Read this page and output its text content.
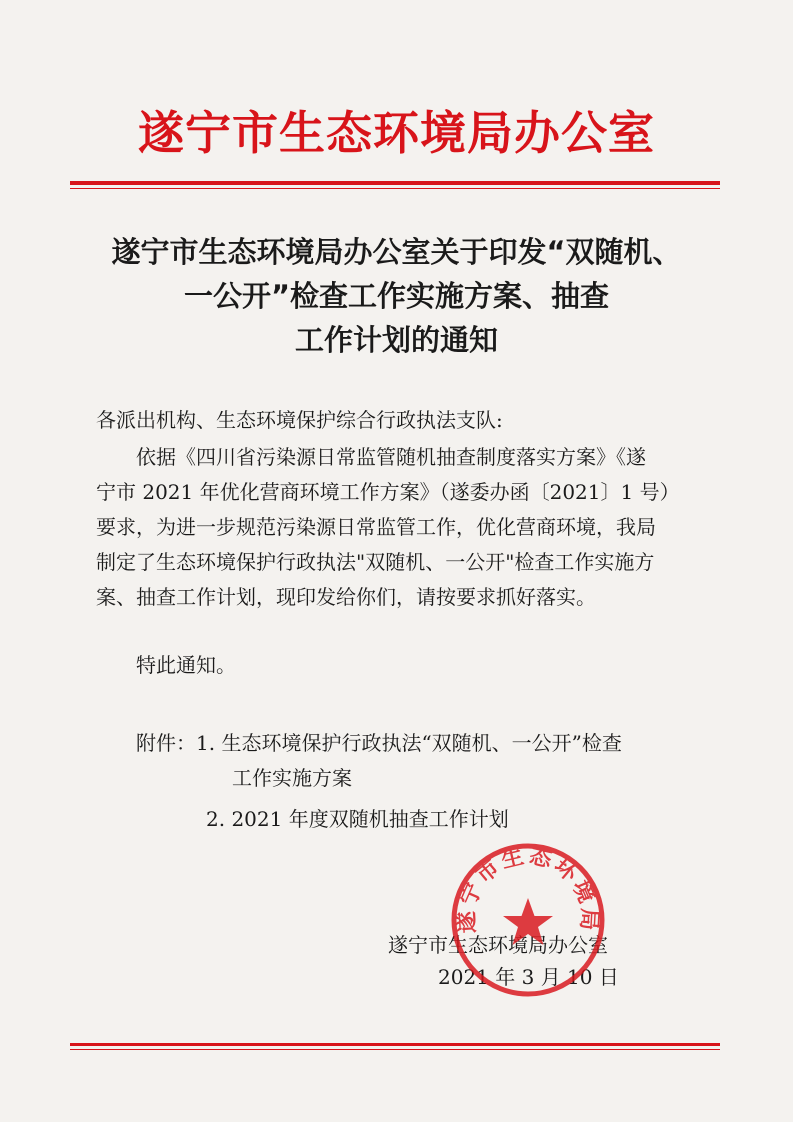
遂宁市生态环境局办公室
遂宁市生态环境局办公室关于印发“双随机、
一公开”检查工作实施方案、抽查
工作计划的通知
各派出机构、生态环境保护综合行政执法支队:
依据《四川省污染源日常监管随机抽查制度落实方案》《遂
宁市 2021 年优化营商环境工作方案》（遂委办函〔2021〕1 号）
要求，为进一步规范污染源日常监管工作，优化营商环境，我局
制定了生态环境保护行政执法"双随机、一公开"检查工作实施方
案、抽查工作计划，现印发给你们，请按要求抓好落实。
特此通知。
附件：1. 生态环境保护行政执法“双随机、一公开”检查
工作实施方案
2. 2021 年度双随机抽查工作计划
遂宁市生态环境局办公室
2021 年 3 月 10 日
遂宁市生态环境局
